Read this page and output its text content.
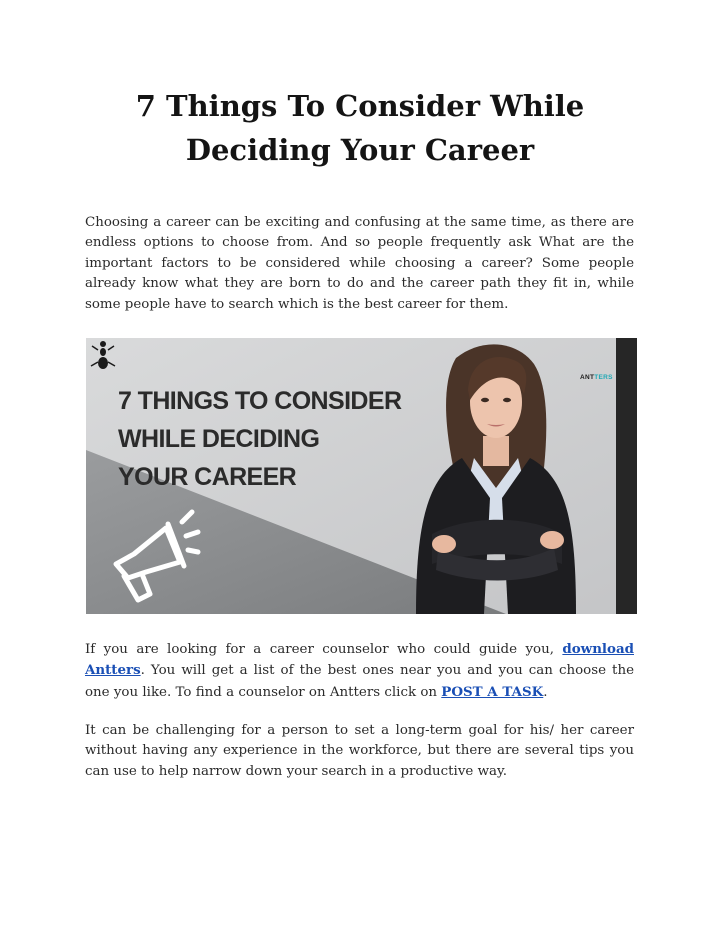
7 Things To Consider While
Deciding Your Career

Choosing a career can be exciting and confusing at the same time, as there are endless options to choose from. And so people frequently ask What are the important factors to be considered while choosing a career? Some people already know what they are born to do and the career path they fit in, while some people have to search which is the best career for them.

7 THINGS TO CONSIDER
WHILE DECIDING
YOUR CAREER
ANTTERS

If you are looking for a career counselor who could guide you, download Antters. You will get a list of the best ones near you and you can choose the one you like. To find a counselor on Antters click on POST A TASK.

It can be challenging for a person to set a long-term goal for his/ her career without having any experience in the workforce, but there are several tips you can use to help narrow down your search in a productive way.
